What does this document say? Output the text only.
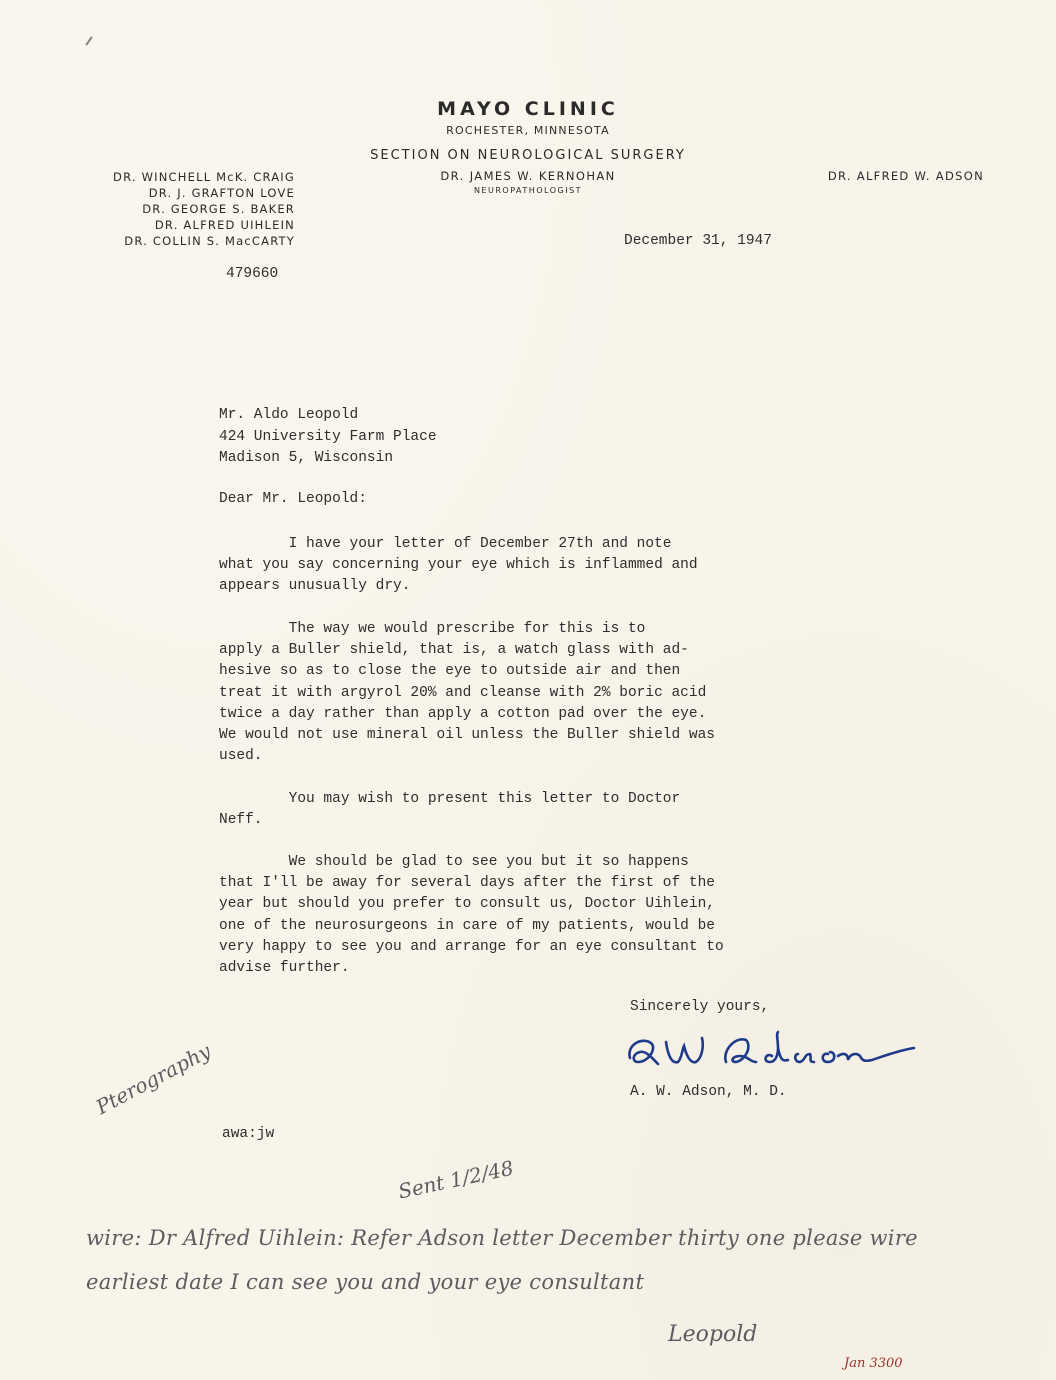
MAYO CLINIC
ROCHESTER, MINNESOTA
SECTION ON NEUROLOGICAL SURGERY
DR. JAMES W. KERNOHAN
NEUROPATHOLOGIST
DR. WINCHELL McK. CRAIG
DR. J. GRAFTON LOVE
DR. GEORGE S. BAKER
DR. ALFRED UIHLEIN
DR. COLLIN S. MacCARTY
DR. ALFRED W. ADSON
December 31, 1947
479660
Mr. Aldo Leopold
424 University Farm Place
Madison 5, Wisconsin
Dear Mr. Leopold:
I have your letter of December 27th and note
what you say concerning your eye which is inflammed and
appears unusually dry.
The way we would prescribe for this is to
apply a Buller shield, that is, a watch glass with ad-
hesive so as to close the eye to outside air and then
treat it with argyrol 20% and cleanse with 2% boric acid
twice a day rather than apply a cotton pad over the eye.
We would not use mineral oil unless the Buller shield was
used.
You may wish to present this letter to Doctor
Neff.
We should be glad to see you but it so happens
that I'll be away for several days after the first of the
year but should you prefer to consult us, Doctor Uihlein,
one of the neurosurgeons in care of my patients, would be
very happy to see you and arrange for an eye consultant to
advise further.
Sincerely yours,
A. W. Adson, M. D.
awa:jw
Pterography
Sent 1/2/48
wire: Dr Alfred Uihlein: Refer Adson letter December thirty one please wire
earliest date I can see you and your eye consultant
Leopold
Jan 3300
